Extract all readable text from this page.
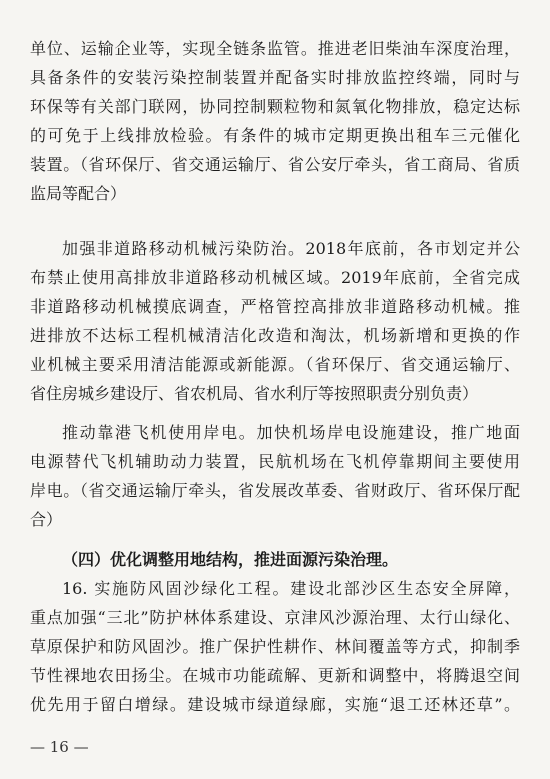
单位、运输企业等，实现全链条监管。推进老旧柴油车深度治理，
具备条件的安装污染控制装置并配备实时排放监控终端，同时与
环保等有关部门联网，协同控制颗粒物和氮氧化物排放，稳定达标
的可免于上线排放检验。有条件的城市定期更换出租车三元催化
装置。（省环保厅、省交通运输厅、省公安厅牵头，省工商局、省质
监局等配合）
加强非道路移动机械污染防治。2018年底前，各市划定并公
布禁止使用高排放非道路移动机械区域。2019年底前，全省完成
非道路移动机械摸底调查，严格管控高排放非道路移动机械。推
进排放不达标工程机械清洁化改造和淘汰，机场新增和更换的作
业机械主要采用清洁能源或新能源。（省环保厅、省交通运输厅、
省住房城乡建设厅、省农机局、省水利厅等按照职责分别负责）
推动靠港飞机使用岸电。加快机场岸电设施建设，推广地面
电源替代飞机辅助动力装置，民航机场在飞机停靠期间主要使用
岸电。（省交通运输厅牵头，省发展改革委、省财政厅、省环保厅配
合）
（四）优化调整用地结构，推进面源污染治理。
16. 实施防风固沙绿化工程。建设北部沙区生态安全屏障，
重点加强“三北”防护林体系建设、京津风沙源治理、太行山绿化、
草原保护和防风固沙。推广保护性耕作、林间覆盖等方式，抑制季
节性裸地农田扬尘。在城市功能疏解、更新和调整中，将腾退空间
优先用于留白增绿。建设城市绿道绿廊，实施“退工还林还草”。
— 16 —
